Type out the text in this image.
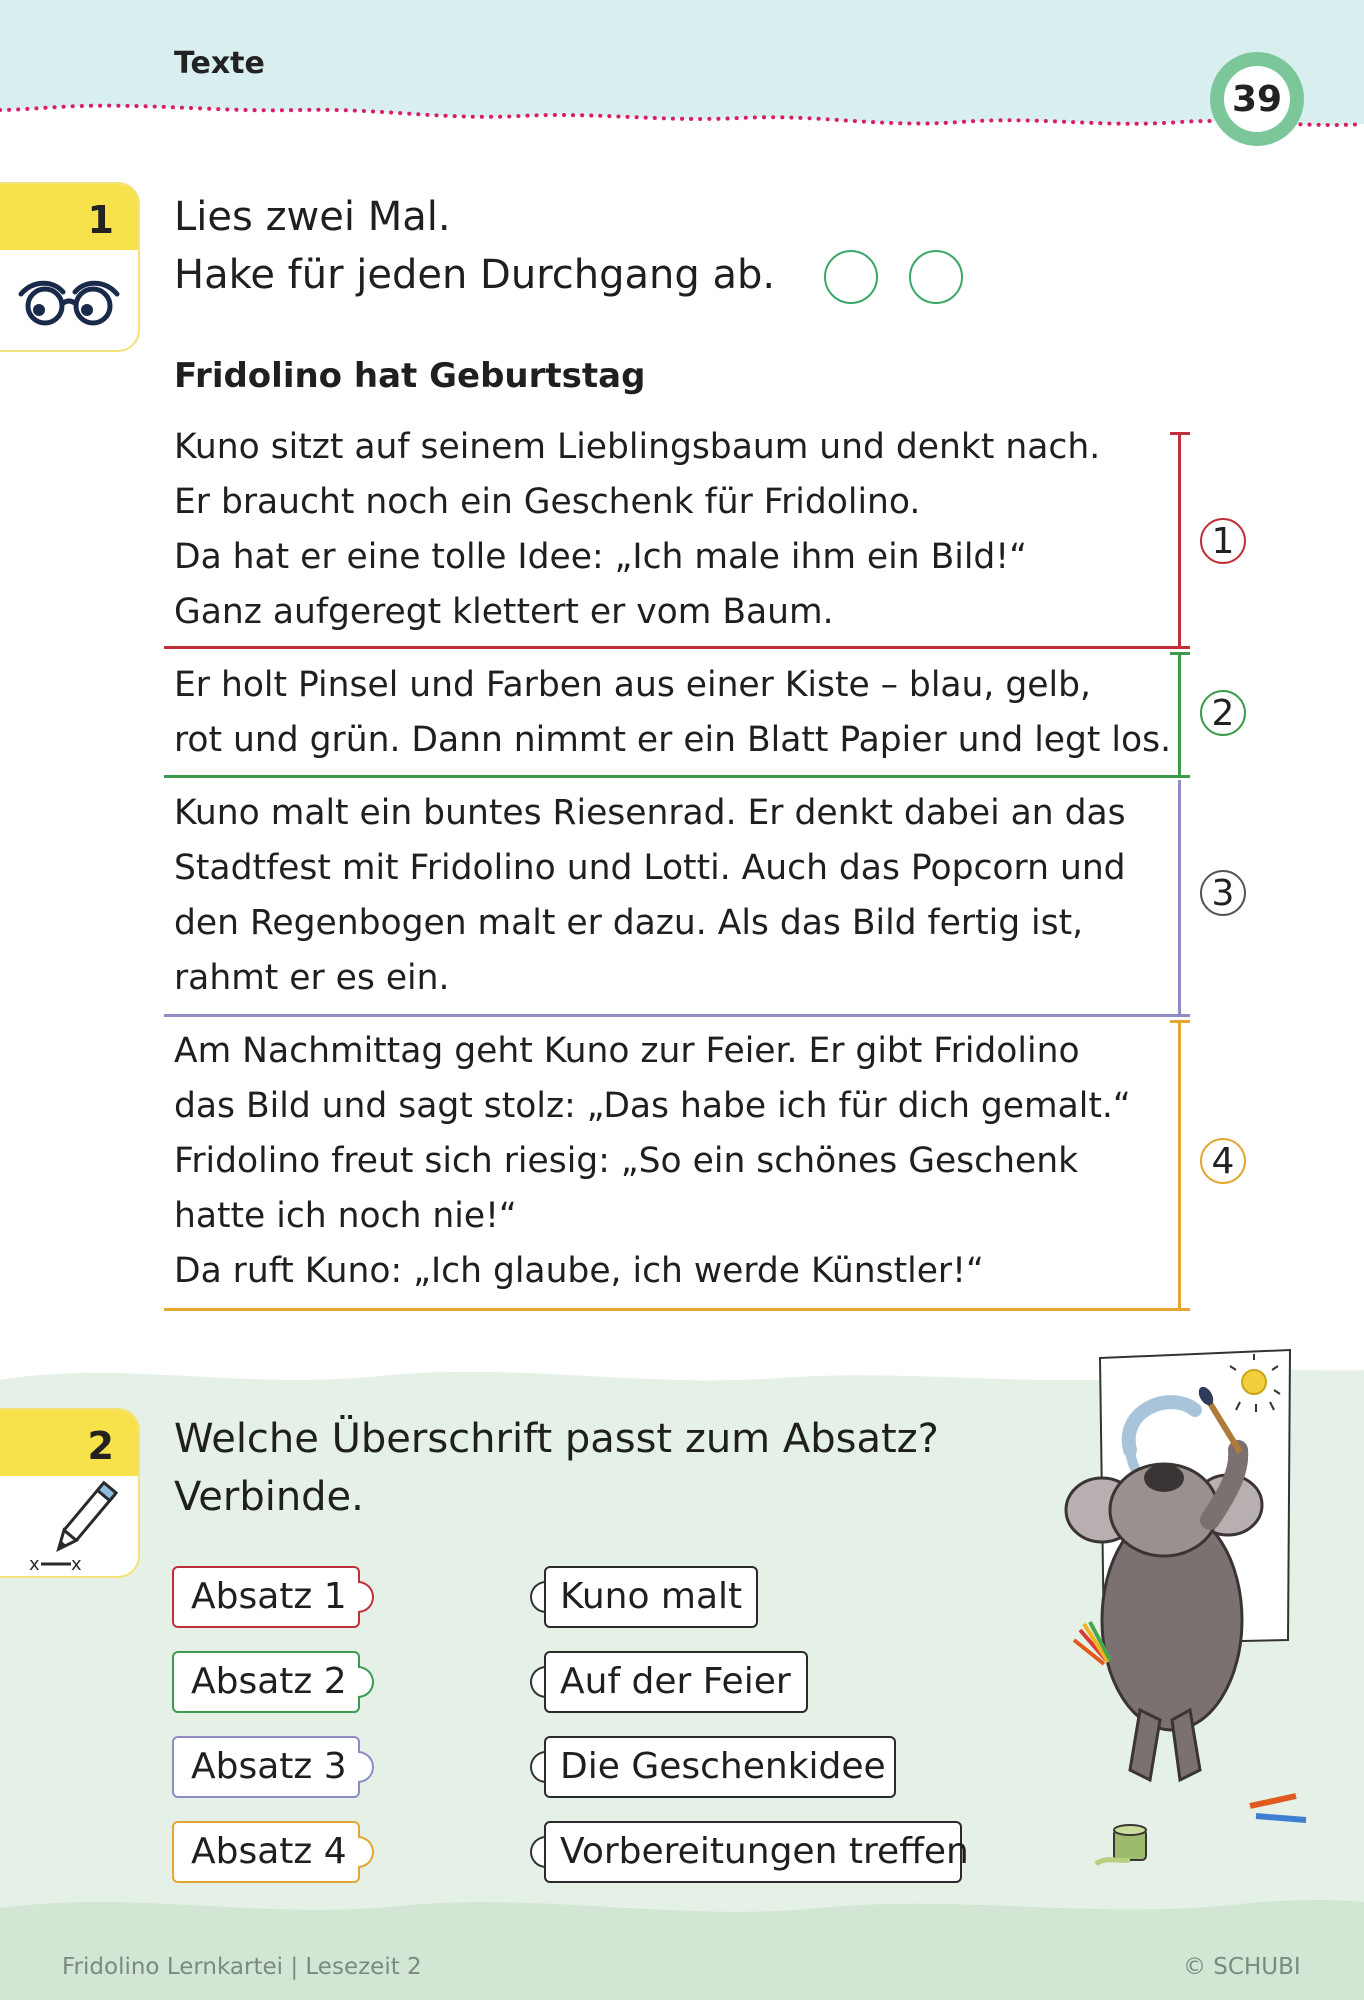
Texte
39
1	Lies zwei Mal.
Hake für jeden Durchgang ab.
Fridolino hat Geburtstag
Kuno sitzt auf seinem Lieblingsbaum und denkt nach.
Er braucht noch ein Geschenk für Fridolino.
Da hat er eine tolle Idee: „Ich male ihm ein Bild!“
Ganz aufgeregt klettert er vom Baum.
1
Er holt Pinsel und Farben aus einer Kiste – blau, gelb,
rot und grün. Dann nimmt er ein Blatt Papier und legt los.
2
Kuno malt ein buntes Riesenrad. Er denkt dabei an das
Stadtfest mit Fridolino und Lotti. Auch das Popcorn und
den Regenbogen malt er dazu. Als das Bild fertig ist,
rahmt er es ein.
3
Am Nachmittag geht Kuno zur Feier. Er gibt Fridolino
das Bild und sagt stolz: „Das habe ich für dich gemalt.“
Fridolino freut sich riesig: „So ein schönes Geschenk
hatte ich noch nie!“
Da ruft Kuno: „Ich glaube, ich werde Künstler!“
4
2
x x
Welche Überschrift passt zum Absatz?
Verbinde.
Absatz 1
Absatz 2
Absatz 3
Absatz 4
Kuno malt
Auf der Feier
Die Geschenkidee
Vorbereitungen treffen
Fridolino Lernkartei | Lesezeit 2	© SCHUBI
